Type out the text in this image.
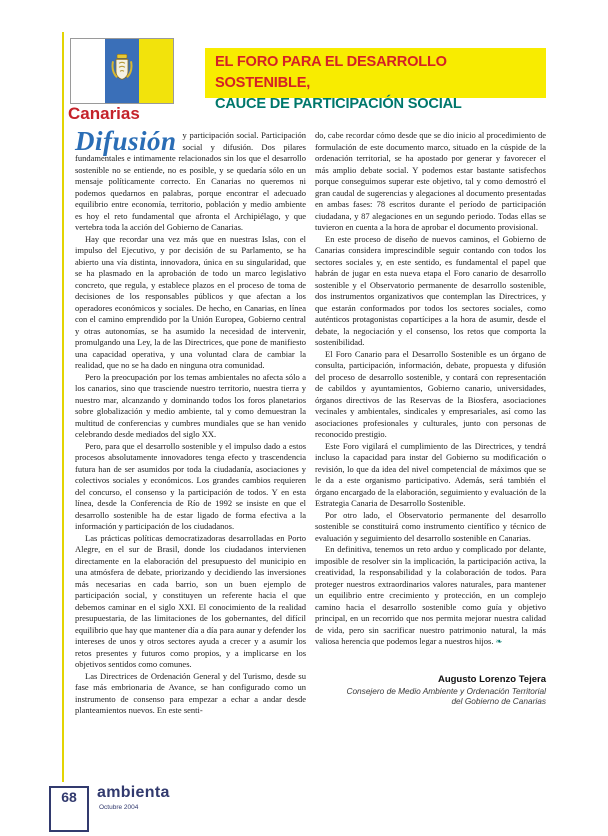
Canarias
EL FORO PARA EL DESARROLLO SOSTENIBLE,
CAUCE DE PARTICIPACIÓN SOCIAL

Difusión y participación social. Participación social y difusión. Dos pilares fundamentales e intimamente relacionados sin los que el desarrollo sostenible no se entiende, no es posible, y se quedaría sólo en un mensaje políticamente correcto. En Canarias no queremos ni podemos quedarnos en palabras, porque encontrar el adecuado equilibrio entre economía, territorio, población y medio ambiente es hoy el reto fundamental que afronta el Archipiélago, y que vertebra toda la acción del Gobierno de Canarias.

Hay que recordar una vez más que en nuestras Islas, con el impulso del Ejecutivo, y por decisión de su Parlamento, se ha abierto una vía distinta, innovadora, única en su singularidad, que se ha plasmado en la aprobación de todo un marco legislativo concreto, que regula, y establece plazos en el proceso de toma de decisiones de los responsables públicos y que afectan a los operadores económicos y sociales. De hecho, en Canarias, en línea con el camino emprendido por la Unión Europea, Gobierno central y otras autonomías, se ha asumido la necesidad de intervenir, promulgando una Ley, la de las Directrices, que pone de manifiesto una capacidad operativa, y una voluntad clara de cambiar la realidad, que no se ha dado en ninguna otra comunidad.

Pero la preocupación por los temas ambientales no afecta sólo a los canarios, sino que trasciende nuestro territorio, nuestra tierra y nuestro mar, alcanzando y dominando todos los foros planetarios sobre globalización y medio ambiente, tal y como demuestran la multitud de conferencias y cumbres mundiales que se han venido celebrando desde mediados del siglo XX.

Pero, para que el desarrollo sostenible y el impulso dado a estos procesos absolutamente innovadores tenga efecto y trascendencia futura han de ser asumidos por toda la ciudadanía, asociaciones y colectivos sociales y económicos. Los grandes cambios requieren del concurso, el consenso y la participación de todos. Y en esta línea, desde la Conferencia de Río de 1992 se insiste en que el desarrollo sostenible ha de estar ligado de forma efectiva a la información y participación de los ciudadanos.

Las prácticas políticas democratizadoras desarrolladas en Porto Alegre, en el sur de Brasil, donde los ciudadanos intervienen directamente en la elaboración del presupuesto del municipio en una atmósfera de debate, priorizando y decidiendo las inversiones más necesarias en cada barrio, son un buen ejemplo de participación social, y constituyen un referente hacia el que debemos caminar en el siglo XXI. El conocimiento de la realidad presupuestaria, de las limitaciones de los gobernantes, del difícil equilibrio que hay que mantener día a día para aunar y defender los intereses de unos y otros sectores ayuda a crecer y a asumir los retos presentes y futuros como propios, y a implicarse en los objetivos sentidos como comunes.

Las Directrices de Ordenación General y del Turismo, desde su fase más embrionaria de Avance, se han configurado como un instrumento de consenso para empezar a echar a andar desde planteamientos nuevos. En este senti-

do, cabe recordar cómo desde que se dio inicio al procedimiento de formulación de este documento marco, situado en la cúspide de la ordenación territorial, se ha apostado por generar y favorecer el más amplio debate social. Y podemos estar bastante satisfechos porque conseguimos superar este objetivo, tal y como demostró el gran caudal de sugerencias y alegaciones al documento presentadas en ambas fases: 78 escritos durante el período de participación ciudadana, y 87 alegaciones en un segundo periodo. Todas ellas se tuvieron en cuenta a la hora de aprobar el documento provisional.

En este proceso de diseño de nuevos caminos, el Gobierno de Canarias considera imprescindible seguir contando con todos los sectores sociales y, en este sentido, es fundamental el papel que habrán de jugar en esta nueva etapa el Foro canario de desarrollo sostenible y el Observatorio permanente de desarrollo sostenible, dos instrumentos organizativos que contemplan las Directrices, y que estarán conformados por todos los sectores sociales, como auténticos protagonistas copartícipes a la hora de asumir, desde el debate, la negociación y el consenso, los retos que comporta la sostenibilidad.

El Foro Canario para el Desarrollo Sostenible es un órgano de consulta, participación, información, debate, propuesta y difusión del proceso de desarrollo sostenible, y contará con representación de cabildos y ayuntamientos, Gobierno canario, universidades, órganos directivos de las Reservas de la Biosfera, asociaciones vecinales y ambientales, sindicales y empresariales, así como las asociaciones profesionales y culturales, junto con personas de reconocido prestigio.

Este Foro vigilará el cumplimiento de las Directrices, y tendrá incluso la capacidad para instar del Gobierno su modificación o revisión, lo que da idea del nivel competencial de máximos que se le da a este organismo participativo. Además, será también el órgano encargado de la elaboración, seguimiento y evaluación de la Estrategia Canaria de Desarrollo Sostenible.

Por otro lado, el Observatorio permanente del desarrollo sostenible se constituirá como instrumento científico y técnico de evaluación y seguimiento del desarrollo sostenible en Canarias.

En definitiva, tenemos un reto arduo y complicado por delante, imposible de resolver sin la implicación, la participación activa, la creatividad, la responsabilidad y la colaboración de todos. Para proteger nuestros extraordinarios valores naturales, para mantener un equilibrio entre crecimiento y protección, en un complejo camino hacia el desarrollo sostenible como guía y objetivo principal, en un recorrido que nos permita mejorar nuestra calidad de vida, pero sin sacrificar nuestro patrimonio natural, la más valiosa herencia que podemos legar a nuestros hijos. ❧

Augusto Lorenzo Tejera
Consejero de Medio Ambiente y Ordenación Territorial
del Gobierno de Canarias
68	ambienta
Octubre 2004
